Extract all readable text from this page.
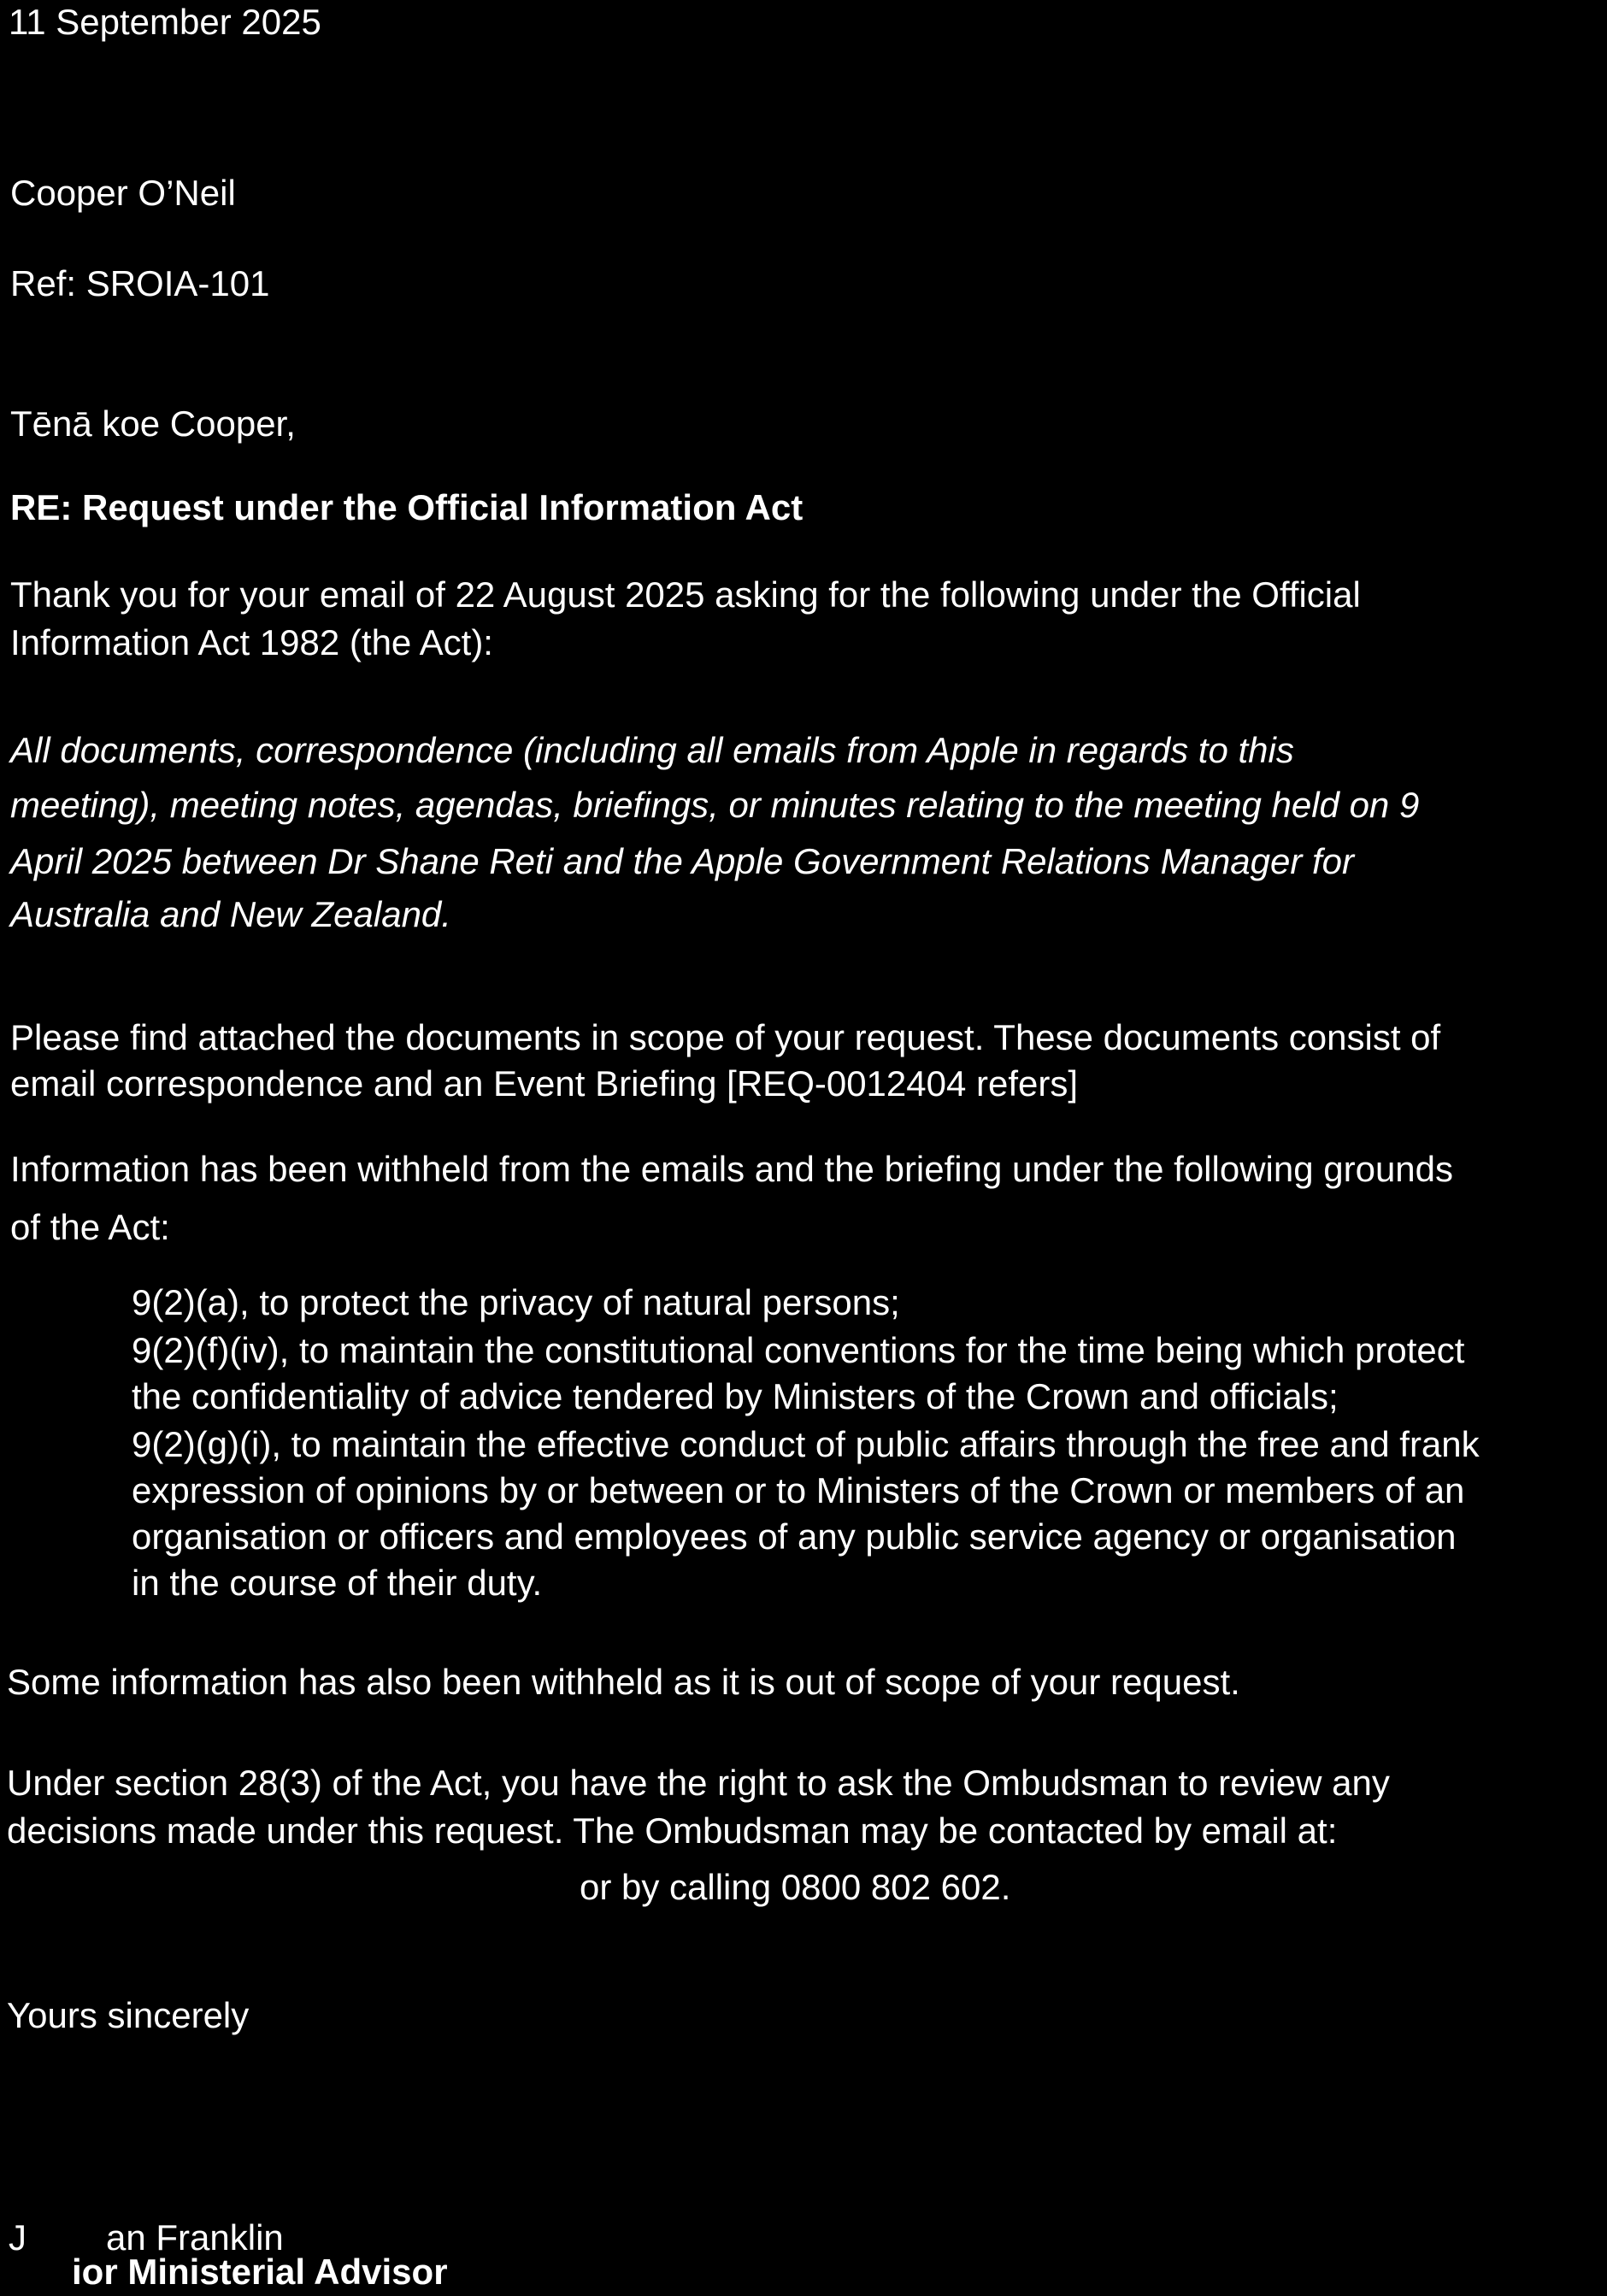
11 September 2025

Cooper O’Neil

Ref: SROIA-101

Tēnā koe Cooper,

RE: Request under the Official Information Act

Thank you for your email of 22 August 2025 asking for the following under the Official

Information Act 1982 (the Act):

All documents, correspondence (including all emails from Apple in regards to this

meeting), meeting notes, agendas, briefings, or minutes relating to the meeting held on 9

April 2025 between Dr Shane Reti and the Apple Government Relations Manager for

Australia and New Zealand.

Please find attached the documents in scope of your request. These documents consist of

email correspondence and an Event Briefing [REQ-0012404 refers]

Information has been withheld from the emails and the briefing under the following grounds

of the Act:

9(2)(a), to protect the privacy of natural persons;

9(2)(f)(iv), to maintain the constitutional conventions for the time being which protect

the confidentiality of advice tendered by Ministers of the Crown and officials;

9(2)(g)(i), to maintain the effective conduct of public affairs through the free and frank

expression of opinions by or between or to Ministers of the Crown or members of an

organisation or officers and employees of any public service agency or organisation

in the course of their duty.

Some information has also been withheld as it is out of scope of your request.

Under section 28(3) of the Act, you have the right to ask the Ombudsman to review any

decisions made under this request. The Ombudsman may be contacted by email at:

or by calling 0800 802 602.

Yours sincerely

J an Franklin

ior Ministerial Advisor
